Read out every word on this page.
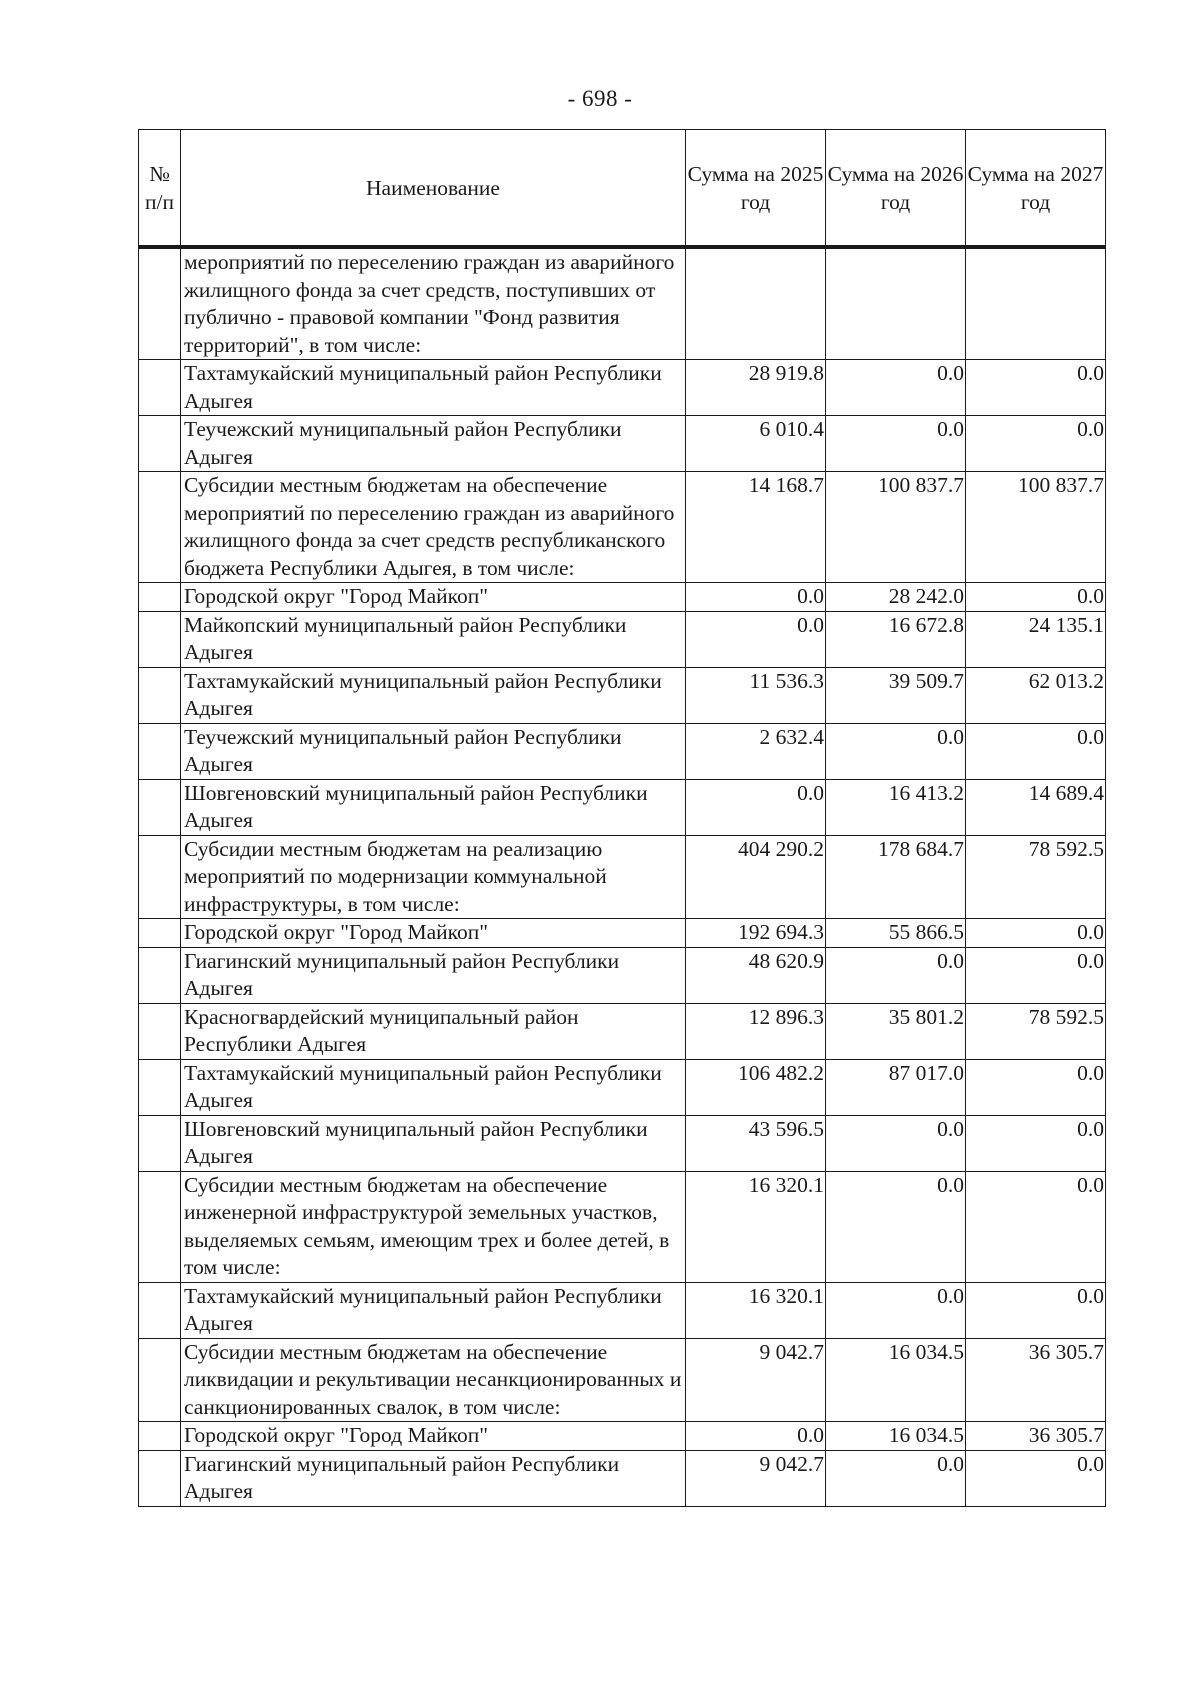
- 698 -
№ п/п	Наименование	Сумма на 2025 год	Сумма на 2026 год	Сумма на 2027 год
	мероприятий по переселению граждан из аварийного жилищного фонда за счет средств, поступивших от публично - правовой компании "Фонд развития территорий", в том числе:			
	Тахтамукайский муниципальный район Республики Адыгея	28 919.8	0.0	0.0
	Теучежский муниципальный район Республики Адыгея	6 010.4	0.0	0.0
	Субсидии местным бюджетам на обеспечение мероприятий по переселению граждан из аварийного жилищного фонда за счет средств республиканского бюджета Республики Адыгея, в том числе:	14 168.7	100 837.7	100 837.7
	Городской округ "Город Майкоп"	0.0	28 242.0	0.0
	Майкопский муниципальный район Республики Адыгея	0.0	16 672.8	24 135.1
	Тахтамукайский муниципальный район Республики Адыгея	11 536.3	39 509.7	62 013.2
	Теучежский муниципальный район Республики Адыгея	2 632.4	0.0	0.0
	Шовгеновский муниципальный район Республики Адыгея	0.0	16 413.2	14 689.4
	Субсидии местным бюджетам на реализацию мероприятий по модернизации коммунальной инфраструктуры, в том числе:	404 290.2	178 684.7	78 592.5
	Городской округ "Город Майкоп"	192 694.3	55 866.5	0.0
	Гиагинский муниципальный район Республики Адыгея	48 620.9	0.0	0.0
	Красногвардейский муниципальный район Республики Адыгея	12 896.3	35 801.2	78 592.5
	Тахтамукайский муниципальный район Республики Адыгея	106 482.2	87 017.0	0.0
	Шовгеновский муниципальный район Республики Адыгея	43 596.5	0.0	0.0
	Субсидии местным бюджетам на обеспечение инженерной инфраструктурой земельных участков, выделяемых семьям, имеющим трех и более детей, в том числе:	16 320.1	0.0	0.0
	Тахтамукайский муниципальный район Республики Адыгея	16 320.1	0.0	0.0
	Субсидии местным бюджетам на обеспечение ликвидации и рекультивации несанкционированных и санкционированных свалок, в том числе:	9 042.7	16 034.5	36 305.7
	Городской округ "Город Майкоп"	0.0	16 034.5	36 305.7
	Гиагинский муниципальный район Республики Адыгея	9 042.7	0.0	0.0
